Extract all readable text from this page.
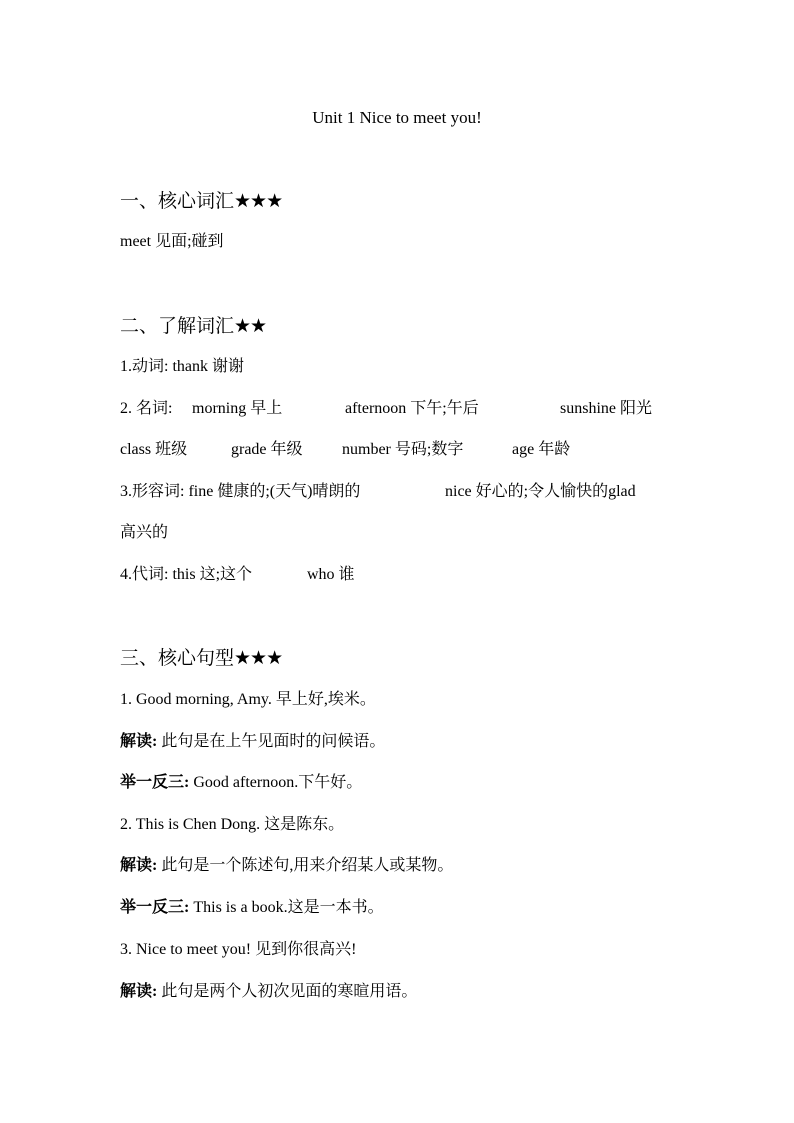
Unit 1 Nice to meet you!
一、核心词汇★★★
meet 见面;碰到
二、了解词汇★★
1.动词: thank 谢谢
2. 名词: morning 早上	afternoon 下午;午后	sunshine 阳光
class 班级	grade 年级 number 号码;数字	age 年龄
3.形容词: fine 健康的;(天气)晴朗的	nice 好心的;令人愉快的glad
高兴的
4.代词: this 这;这个	who 谁
三、核心句型★★★
1. Good morning, Amy. 早上好,埃米。
解读: 此句是在上午见面时的问候语。
举一反三: Good afternoon.下午好。
2. This is Chen Dong. 这是陈东。
解读: 此句是一个陈述句,用来介绍某人或某物。
举一反三: This is a book.这是一本书。
3. Nice to meet you! 见到你很高兴!
解读: 此句是两个人初次见面的寒暄用语。
